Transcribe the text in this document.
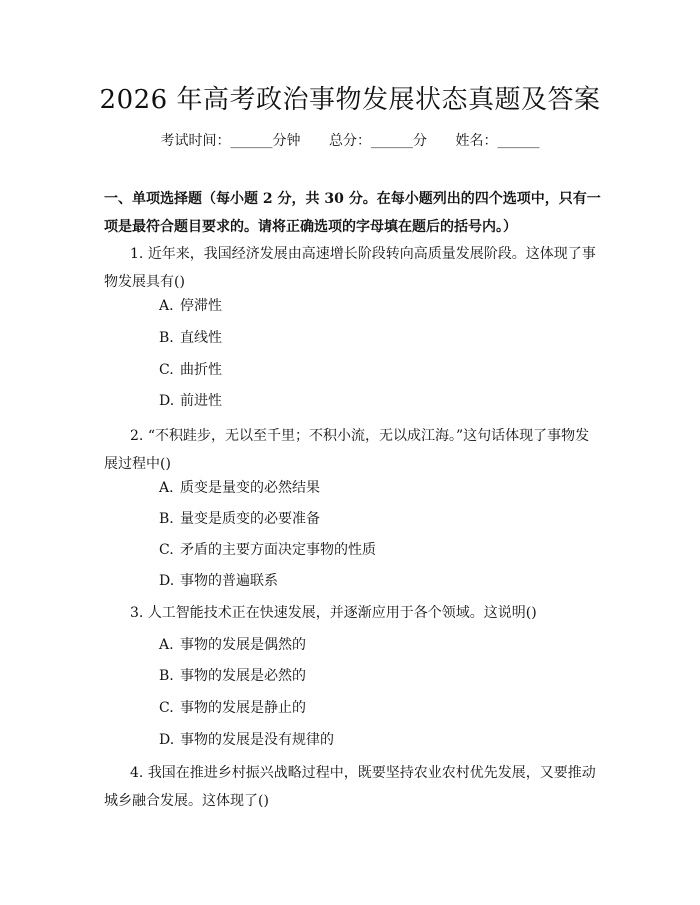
2026 年高考政治事物发展状态真题及答案
考试时间：______分钟 总分：______分 姓名：______
一、单项选择题（每小题 2 分，共 30 分。在每小题列出的四个选项中，只有一项是最符合题目要求的。请将正确选项的字母填在题后的括号内。）
1. 近年来，我国经济发展由高速增长阶段转向高质量发展阶段。这体现了事物发展具有()
A. 停滞性
B. 直线性
C. 曲折性
D. 前进性
2. “不积跬步，无以至千里；不积小流，无以成江海。”这句话体现了事物发展过程中()
A. 质变是量变的必然结果
B. 量变是质变的必要准备
C. 矛盾的主要方面决定事物的性质
D. 事物的普遍联系
3. 人工智能技术正在快速发展，并逐渐应用于各个领域。这说明()
A. 事物的发展是偶然的
B. 事物的发展是必然的
C. 事物的发展是静止的
D. 事物的发展是没有规律的
4. 我国在推进乡村振兴战略过程中，既要坚持农业农村优先发展，又要推动城乡融合发展。这体现了()
